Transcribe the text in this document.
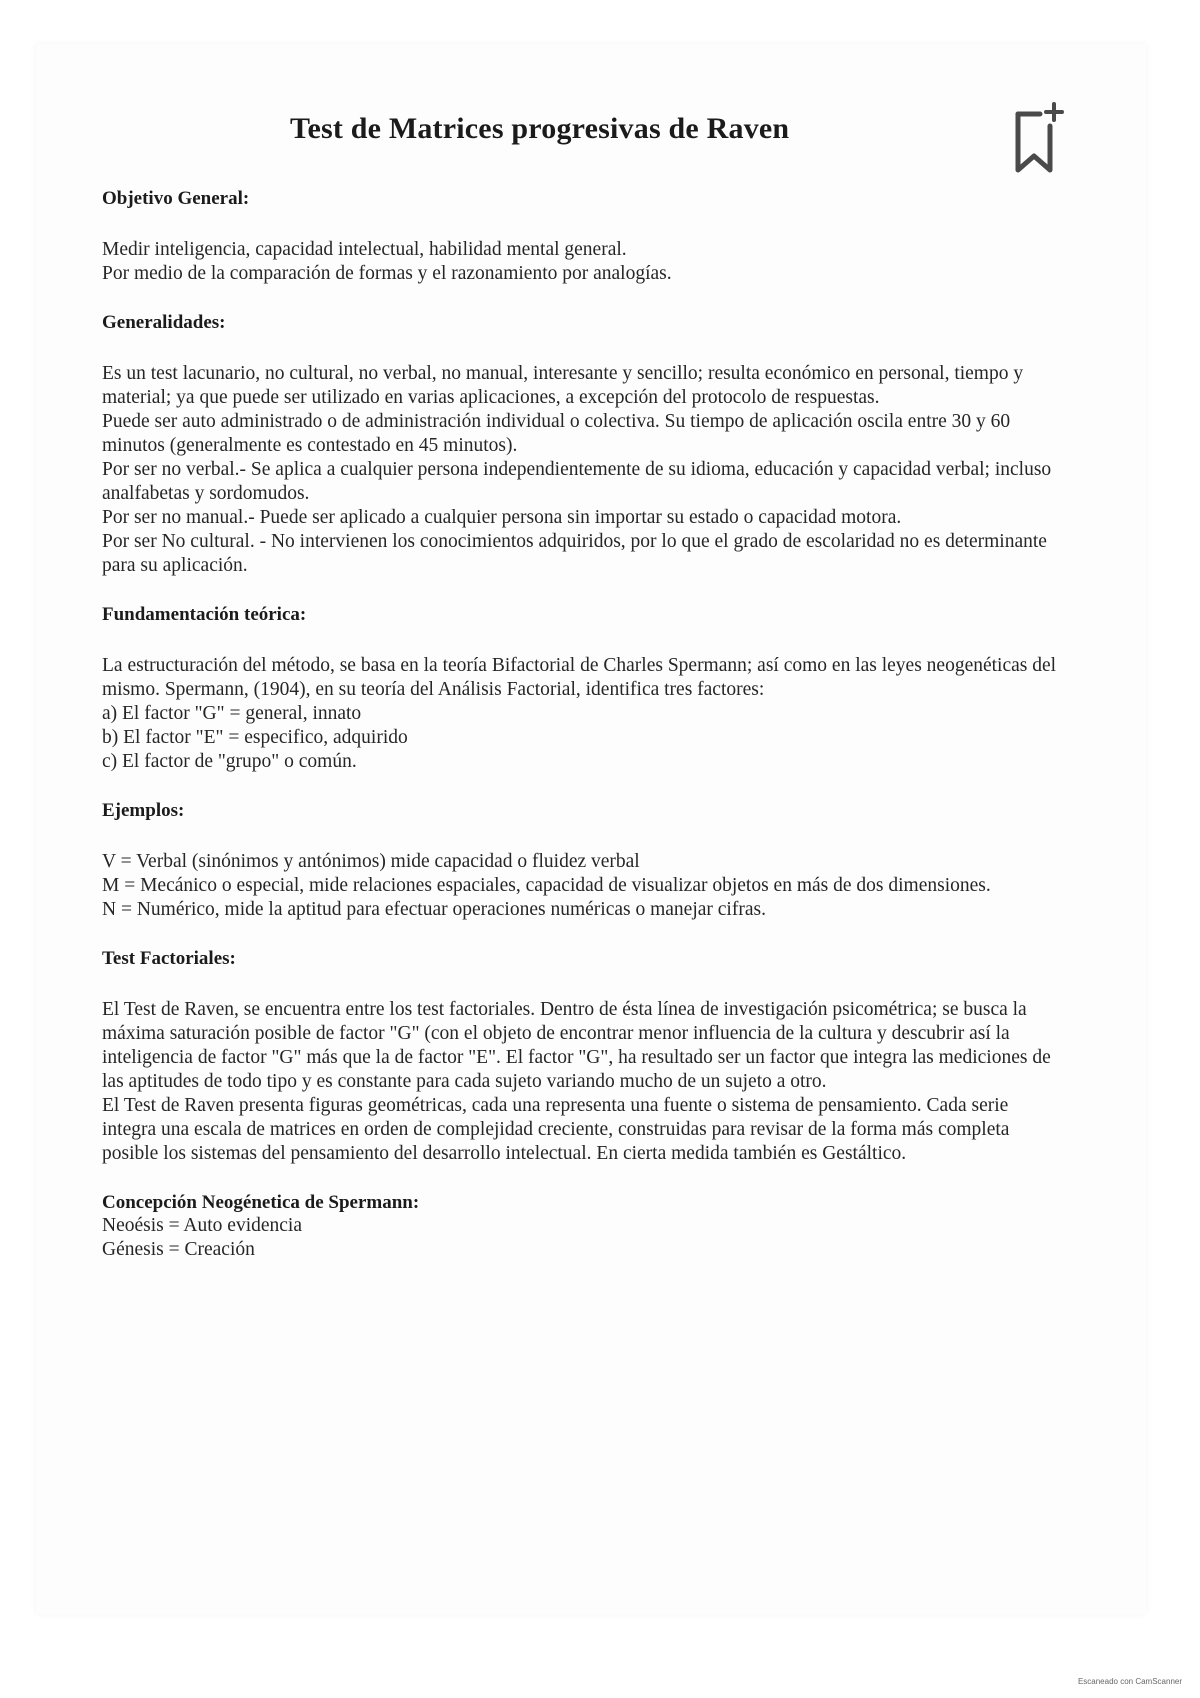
Test de Matrices progresivas de Raven
Objetivo General:

Medir inteligencia, capacidad intelectual, habilidad mental general.

Por medio de la comparación de formas y el razonamiento por analogías.

Generalidades:

Es un test lacunario, no cultural, no verbal, no manual, interesante y sencillo; resulta económico en personal, tiempo y material; ya que puede ser utilizado en varias aplicaciones, a excepción del protocolo de respuestas.

Puede ser auto administrado o de administración individual o colectiva. Su tiempo de aplicación oscila entre 30 y 60 minutos (generalmente es contestado en 45 minutos).

Por ser no verbal.- Se aplica a cualquier persona independientemente de su idioma, educación y capacidad verbal; incluso analfabetas y sordomudos.

Por ser no manual.- Puede ser aplicado a cualquier persona sin importar su estado o capacidad motora.

Por ser No cultural. - No intervienen los conocimientos adquiridos, por lo que el grado de escolaridad no es determinante para su aplicación.

Fundamentación teórica:

La estructuración del método, se basa en la teoría Bifactorial de Charles Spermann; así como en las leyes neogenéticas del mismo. Spermann, (1904), en su teoría del Análisis Factorial, identifica tres factores:

a) El factor "G" = general, innato

b) El factor "E" = especifico, adquirido

c) El factor de "grupo" o común.

Ejemplos:

V = Verbal (sinónimos y antónimos) mide capacidad o fluidez verbal

M = Mecánico o especial, mide relaciones espaciales, capacidad de visualizar objetos en más de dos dimensiones.

N = Numérico, mide la aptitud para efectuar operaciones numéricas o manejar cifras.

Test Factoriales:

El Test de Raven, se encuentra entre los test factoriales. Dentro de ésta línea de investigación psicométrica; se busca la máxima saturación posible de factor "G" (con el objeto de encontrar menor influencia de la cultura y descubrir así la inteligencia de factor "G" más que la de factor "E". El factor "G", ha resultado ser un factor que integra las mediciones de las aptitudes de todo tipo y es constante para cada sujeto variando mucho de un sujeto a otro.

El Test de Raven presenta figuras geométricas, cada una representa una fuente o sistema de pensamiento. Cada serie integra una escala de matrices en orden de complejidad creciente, construidas para revisar de la forma más completa posible los sistemas del pensamiento del desarrollo intelectual. En cierta medida también es Gestáltico.

Concepción Neogénetica de Spermann:

Neoésis = Auto evidencia

Génesis = Creación

Escaneado con CamScanner
